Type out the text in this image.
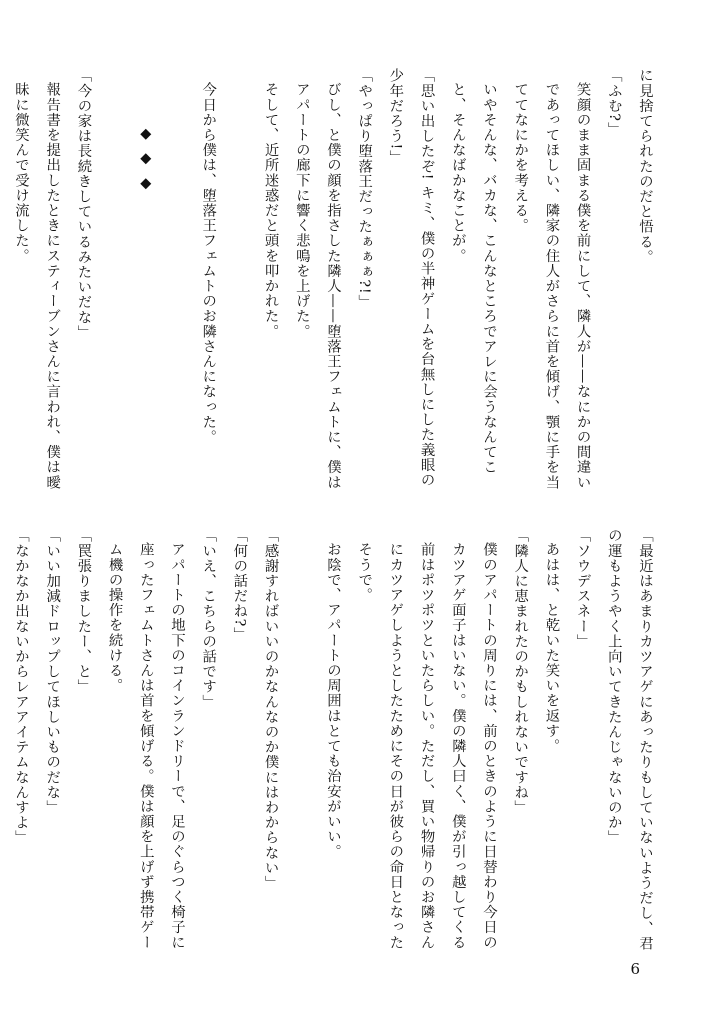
に見捨てられたのだと悟る。
「ふむ?」
笑顔のまま固まる僕を前にして、隣人が——なにかの間違いであってほしい、隣家の住人がさらに首を傾げ、顎に手を当ててなにかを考える。
いやそんな、バカな、こんなところでアレに会うなんてこと、そんなばかなことが。
「思い出したぞ! キミ、僕の半神ゲームを台無しにした義眼の少年だろう!」
「やっぱり堕落王だったぁぁぁ?!」
びし、と僕の顔を指さした隣人——堕落王フェムトに、僕はアパートの廊下に響く悲鳴を上げた。
そして、近所迷惑だと頭を叩かれた。
今日から僕は、堕落王フェムトのお隣さんになった。
◆◆◆
「今の家は長続きしているみたいだな」
報告書を提出したときにスティーブンさんに言われ、僕は曖昧に微笑んで受け流した。
「最近はあまりカツアゲにあったりもしていないようだし、君の運もようやく上向いてきたんじゃないのか」
「ソウデスネー」
あはは、と乾いた笑いを返す。
「隣人に恵まれたのかもしれないですね」
僕のアパートの周りには、前のときのように日替わり今日のカツアゲ面子はいない。僕の隣人曰く、僕が引っ越してくる前はポツポツといたらしい。ただし、買い物帰りのお隣さんにカツアゲしようとしたためにその日が彼らの命日となったそうで。
お陰で、アパートの周囲はとても治安がいい。
「感謝すればいいのかなんなのか僕にはわからない」
「何の話だね?」
「いえ、こちらの話です」
アパートの地下のコインランドリーで、足のぐらつく椅子に座ったフェムトさんは首を傾げる。僕は顔を上げず携帯ゲーム機の操作を続ける。
「罠張りましたー、と」
「いい加減ドロップしてほしいものだな」
「なかなか出ないからレアアイテムなんすよ」
6
